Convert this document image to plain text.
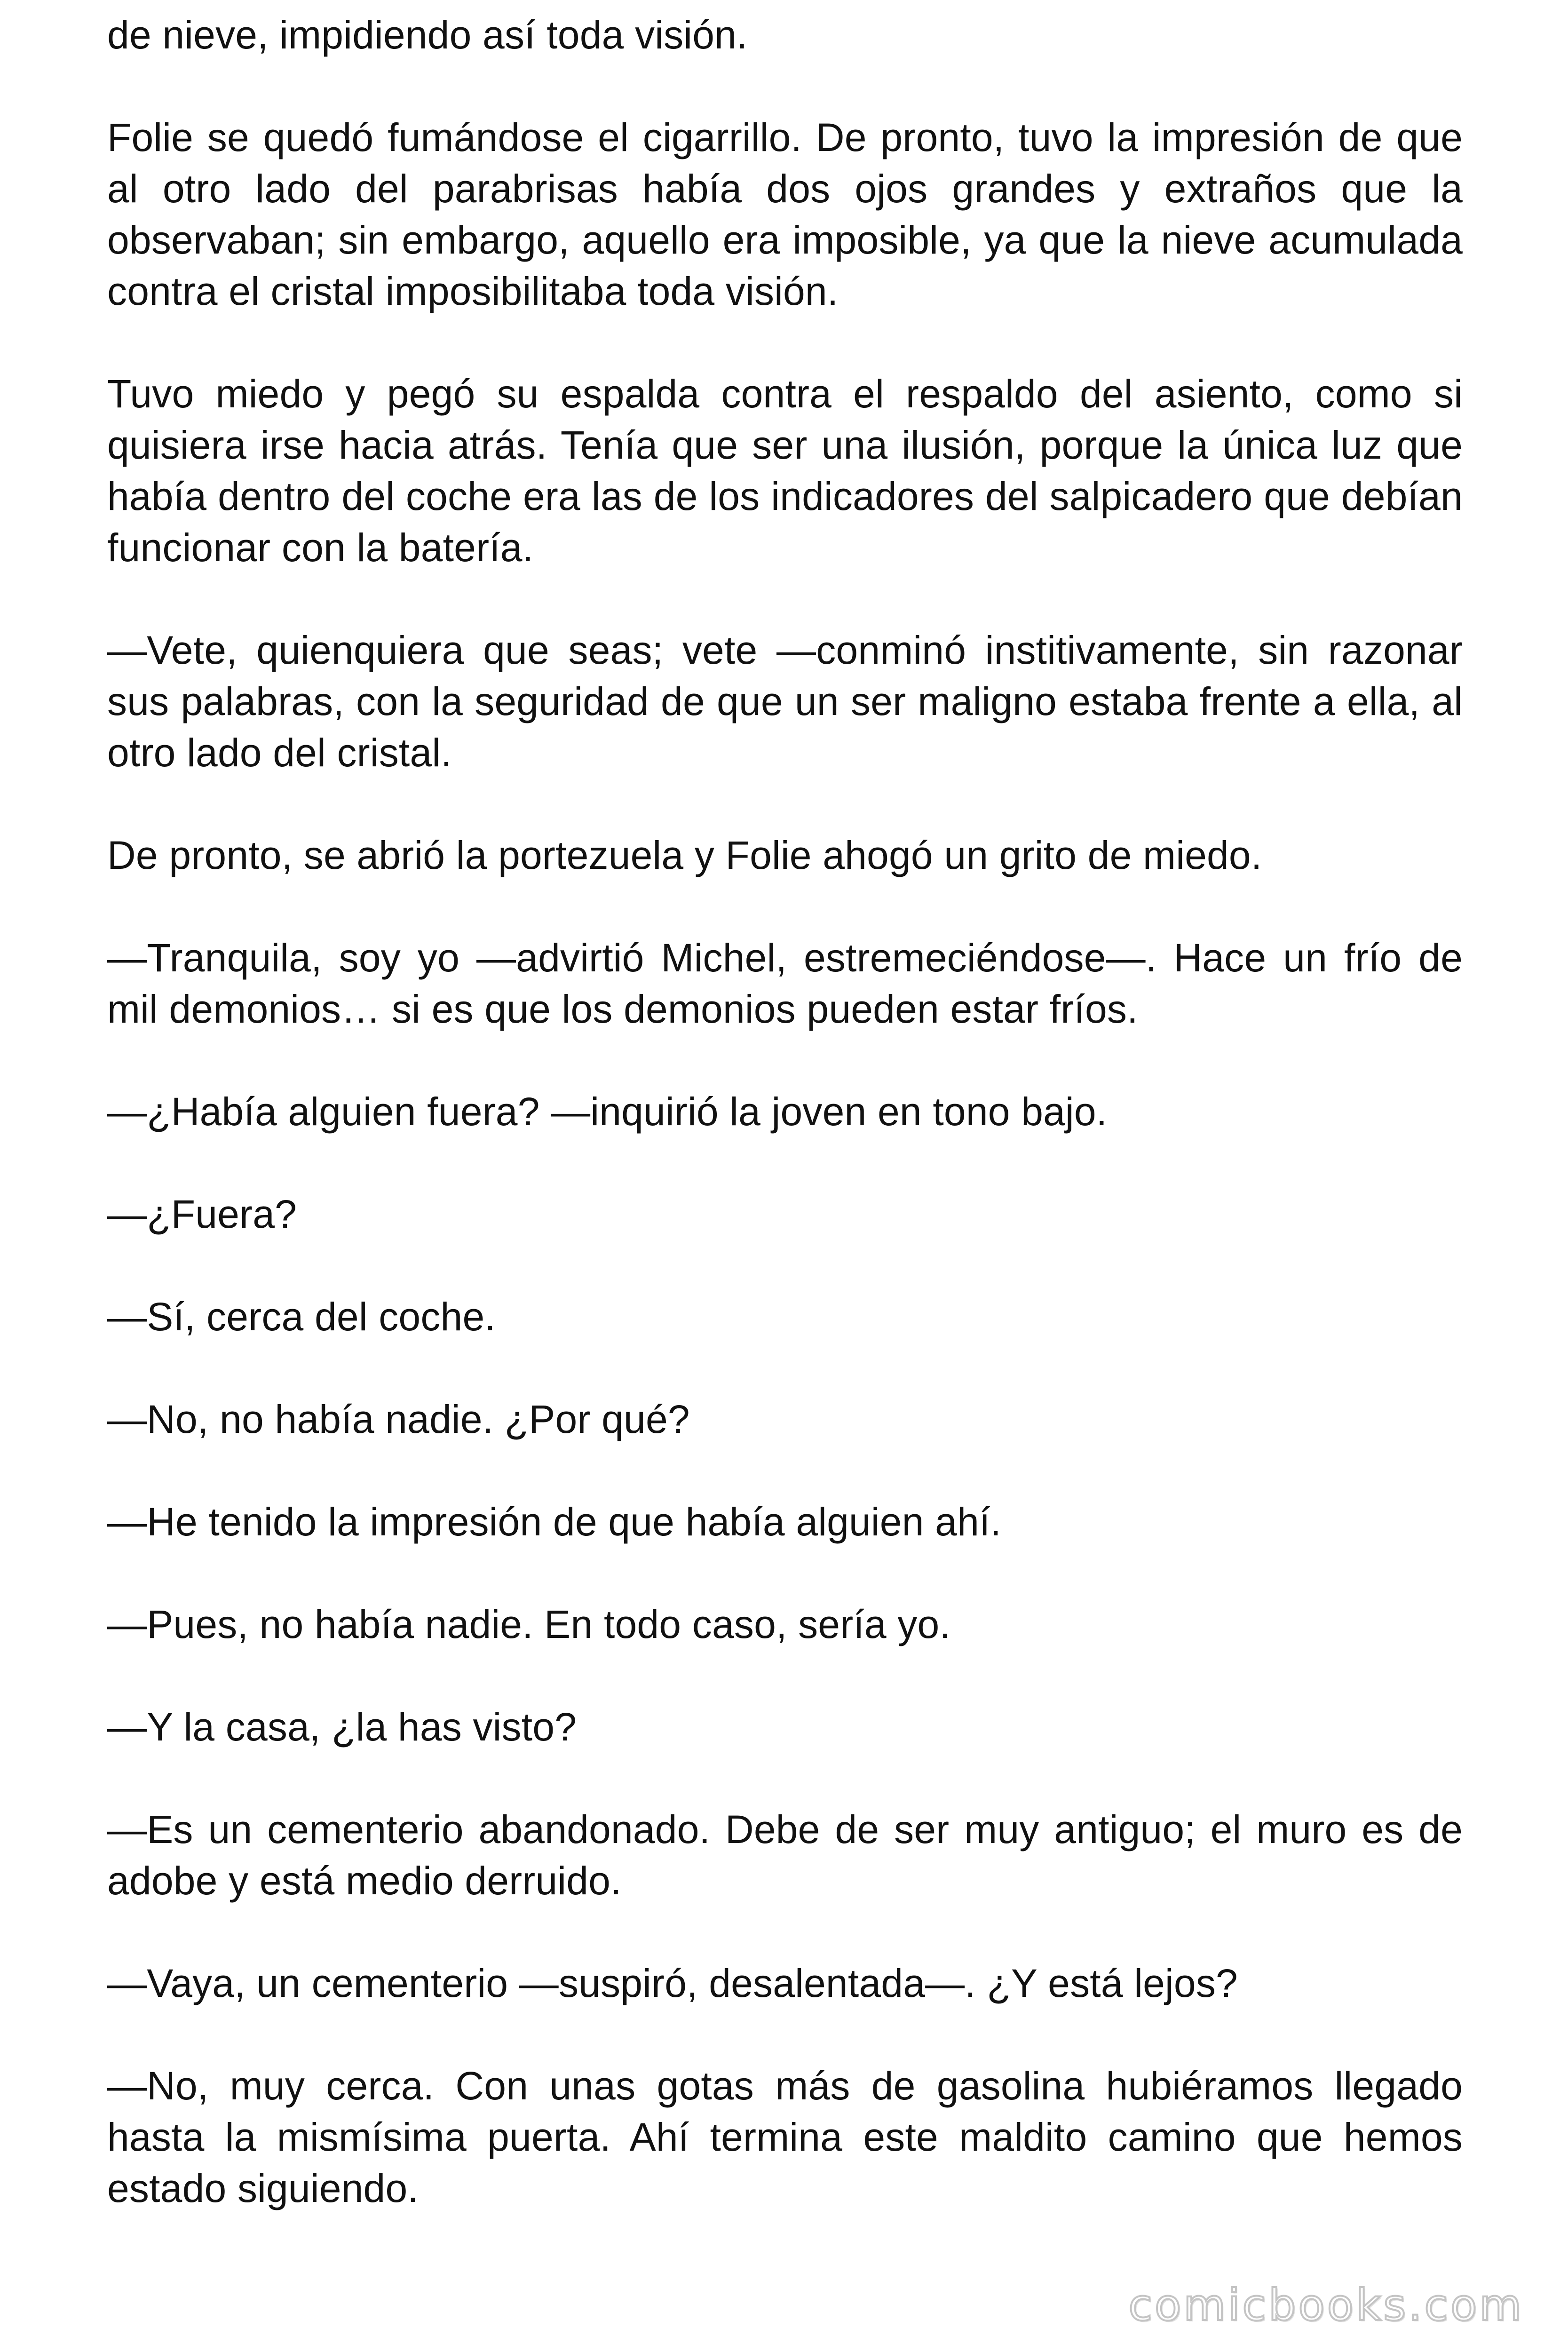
de nieve, impidiendo así toda visión.

Folie se quedó fumándose el cigarrillo. De pronto, tuvo la impresión de que al otro lado del parabrisas había dos ojos grandes y extraños que la observaban; sin embargo, aquello era imposible, ya que la nieve acumulada contra el cristal imposibilitaba toda visión.

Tuvo miedo y pegó su espalda contra el respaldo del asiento, como si quisiera irse hacia atrás. Tenía que ser una ilusión, porque la única luz que había dentro del coche era las de los indicadores del salpicadero que debían funcionar con la batería.

—Vete, quienquiera que seas; vete —conminó institivamente, sin razonar sus palabras, con la seguridad de que un ser maligno estaba frente a ella, al otro lado del cristal.

De pronto, se abrió la portezuela y Folie ahogó un grito de miedo.

—Tranquila, soy yo —advirtió Michel, estremeciéndose—. Hace un frío de mil demonios… si es que los demonios pueden estar fríos.

—¿Había alguien fuera? —inquirió la joven en tono bajo.

—¿Fuera?

—Sí, cerca del coche.

—No, no había nadie. ¿Por qué?

—He tenido la impresión de que había alguien ahí.

—Pues, no había nadie. En todo caso, sería yo.

—Y la casa, ¿la has visto?

—Es un cementerio abandonado. Debe de ser muy antiguo; el muro es de adobe y está medio derruido.

—Vaya, un cementerio —suspiró, desalentada—. ¿Y está lejos?

—No, muy cerca. Con unas gotas más de gasolina hubiéramos llegado hasta la mismísima puerta. Ahí termina este maldito camino que hemos estado siguiendo.

comicbooks.com
